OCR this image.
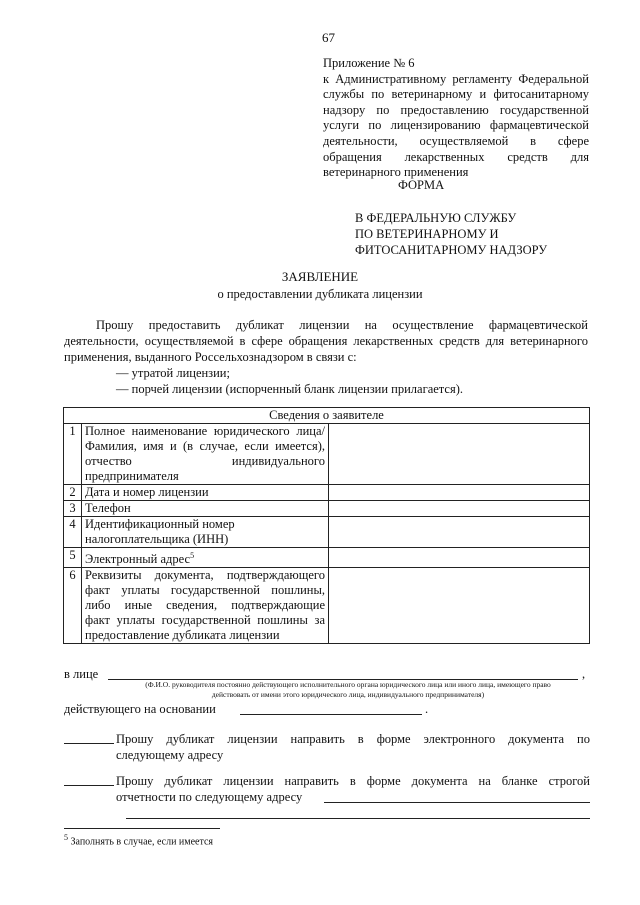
67
Приложение № 6
к Административному регламенту Федеральной
службы по ветеринарному и фитосанитарному
надзору по предоставлению государственной
услуги по лицензированию фармацевтической
деятельности, осуществляемой в сфере
обращения лекарственных средств для
ветеринарного применения
ФОРМА
В ФЕДЕРАЛЬНУЮ СЛУЖБУ
ПО ВЕТЕРИНАРНОМУ И
ФИТОСАНИТАРНОМУ НАДЗОРУ
ЗАЯВЛЕНИЕ
о предоставлении дубликата лицензии
Прошу предоставить дубликат лицензии на осуществление фармацевтической
деятельности, осуществляемой в сфере обращения лекарственных средств для ветеринарного
применения, выданного Россельхознадзором в связи с:
— утратой лицензии;
— порчей лицензии (испорченный бланк лицензии прилагается).
Сведения о заявителе		
1	Полное наименование юридического лица/
Фамилия, имя и (в случае, если имеется),
отчество индивидуального
предпринимателя	

2	Дата и номер лицензии	

3	Телефон	

4	Идентификационный номер
налогоплательщика (ИНН)	

5	Электронный адрес$^5$	
6	Реквизиты документа, подтверждающего
факт уплаты государственной пошлины,
либо иные сведения, подтверждающие
факт уплаты государственной пошлины за
предоставление дубликата лицензии	

в лице	,
(Ф.И.О. руководителя постоянно действующего исполнительного органа юридического лица или иного лица, имеющего право
действовать от имени этого юридического лица, индивидуального предпринимателя)
действующего на основании	.
Прошу дубликат лицензии направить в форме электронного документа по
следующему адресу
Прошу дубликат лицензии направить в форме документа на бланке строгой
отчетности по следующему адресу
$^5$ Заполнять в случае, если имеется
